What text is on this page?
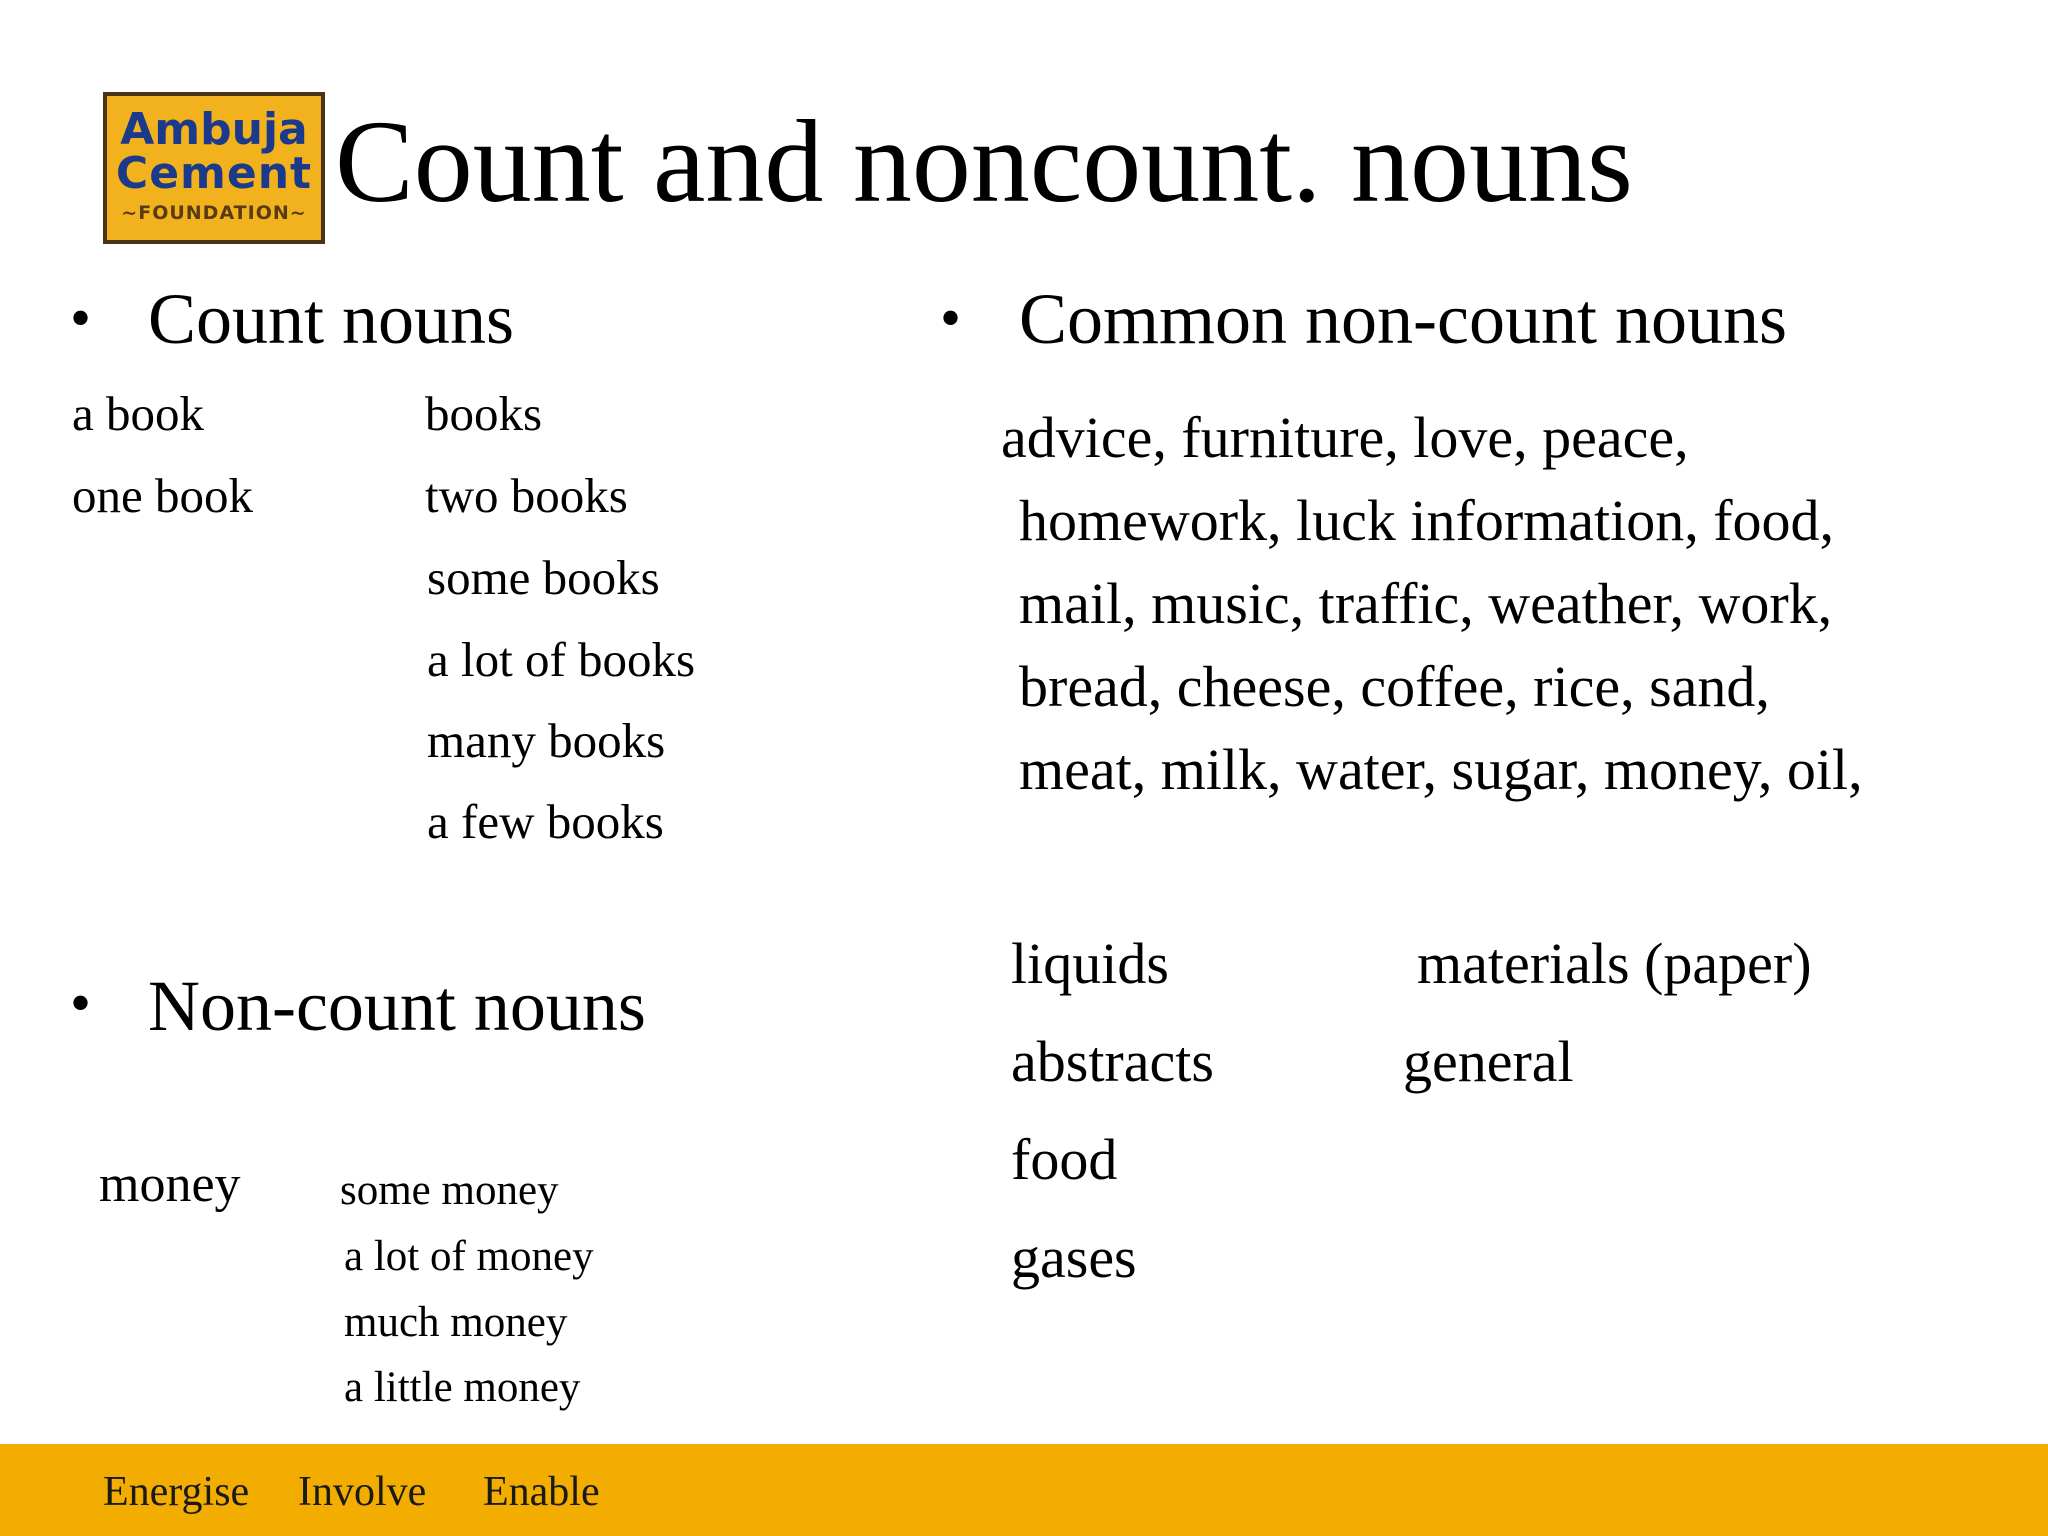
Ambuja
Cement
~FOUNDATION~ Count and noncount. nouns
• Count nouns
a book
one book
books
two books
some books
a lot of books
many books
a few books
• Non-count nouns
money some money
a lot of money
much money
a little money
• Common non-count nouns
advice, furniture, love, peace,
homework, luck information, food,
mail, music, traffic, weather, work,
bread, cheese, coffee, rice, sand,
meat, milk, water, sugar, money, oil,
liquids
abstracts
food
gases
materials (paper)
general
Energise Involve Enable
